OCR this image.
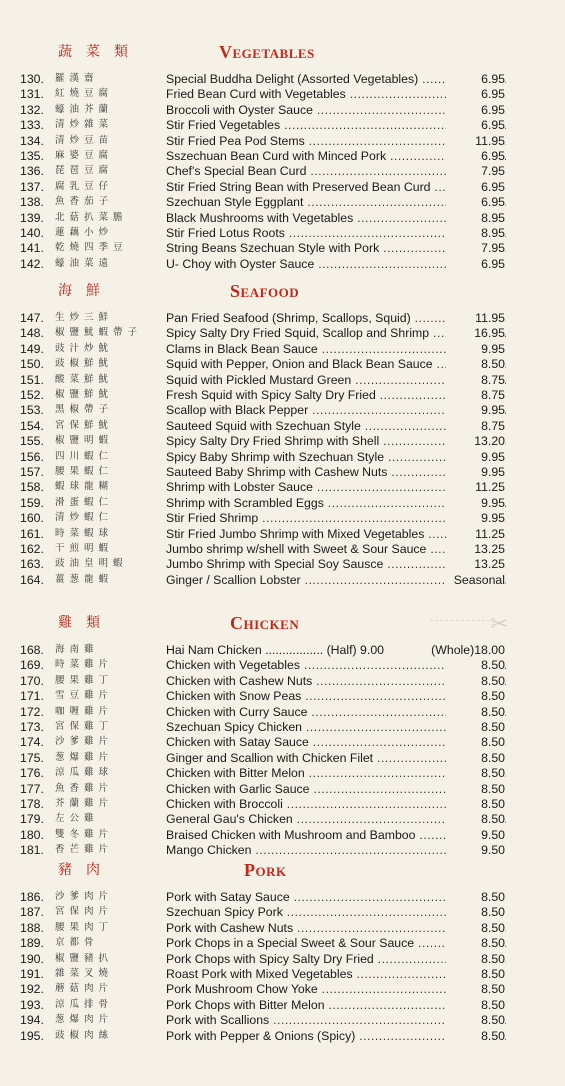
蔬菜類	Vegetables
130.	羅漢齋	Special Buddha Delight (Assorted Vegetables) .....	6.95
131.	紅燒豆腐	Fried Bean Curd with Vegetables .....	6.95
132.	蠔油芥蘭	Broccoli with Oyster Sauce .....	6.95
133.	清炒雜菜	Stir Fried Vegetables .....	6.95
134.	清炒豆苗	Stir Fried Pea Pod Stems .....	11.95
135.	麻婆豆腐	Sszechuan Bean Curd with Minced Pork .....	6.95
136.	琵琶豆腐	Chef's Special Bean Curd .....	7.95
137.	腐乳豆仔	Stir Fried String Bean with Preserved Bean Curd .....	6.95
138.	魚香茄子	Szechuan Style Eggplant .....	6.95
139.	北菇扒菜膽	Black Mushrooms with Vegetables .....	8.95
140.	蓮藕小炒	Stir Fried Lotus Roots .....	8.95
141.	乾燒四季豆	String Beans Szechuan Style with Pork .....	7.95
142.	蠔油菜遠	U- Choy with Oyster Sauce .....	6.95
海鮮	Seafood
147.	生炒三鮮	Pan Fried Seafood (Shrimp, Scallops, Squid) .....	11.95
148.	椒鹽魷蝦帶子	Spicy Salty Dry Fried Squid, Scallop and Shrimp .....	16.95
149.	豉汁炒魷	Clams in Black Bean Sauce .....	9.95
150.	豉椒鮮魷	Squid with Pepper, Onion and Black Bean Sauce .....	8.50
151.	酸菜鮮魷	Squid with Pickled Mustard Green .....	8.75
152.	椒鹽鮮魷	Fresh Squid with Spicy Salty Dry Fried .....	8.75
153.	黑椒帶子	Scallop with Black Pepper .....	9.95
154.	宮保鮮魷	Sauteed Squid with Szechuan Style .....	8.75
155.	椒鹽明蝦	Spicy Salty Dry Fried Shrimp with Shell .....	13.20
156.	四川蝦仁	Spicy Baby Shrimp with Szechuan Style .....	9.95
157.	腰果蝦仁	Sauteed Baby Shrimp with Cashew Nuts .....	9.95
158.	蝦球龍糊	Shrimp with Lobster Sauce .....	11.25
159.	滑蛋蝦仁	Shrimp with Scrambled Eggs .....	9.95
160.	清炒蝦仁	Stir Fried Shrimp .....	9.95
161.	時菜蝦球	Stir Fried Jumbo Shrimp with Mixed Vegetables .....	11.25
162.	干煎明蝦	Jumbo shrimp w/shell with Sweet & Sour Sauce .....	13.25
163.	豉油皇明蝦	Jumbo Shrimp with Special Soy Sausce .....	13.25
164.	薑葱龍蝦	Ginger / Scallion Lobster .....	Seasonal
雞類	Chicken
168.	海南雞	Hai Nam Chicken ................. (Half) 9.00	(Whole)18.00
169.	時菜雞片	Chicken with Vegetables .....	8.50
170.	腰果雞丁	Chicken with Cashew Nuts .....	8.50
171.	雪豆雞片	Chicken with Snow Peas .....	8.50
172.	咖喱雞片	Chicken with Curry Sauce .....	8.50
173.	宮保雞丁	Szechuan Spicy Chicken .....	8.50
174.	沙爹雞片	Chicken with Satay Sauce .....	8.50
175.	葱爆雞片	Ginger and Scallion with Chicken Filet .....	8.50
176.	涼瓜雞球	Chicken with Bitter Melon .....	8.50
177.	魚香雞片	Chicken with Garlic Sauce .....	8.50
178.	芥蘭雞片	Chicken with Broccoli .....	8.50
179.	左公雞	General Gau's Chicken .....	8.50
180.	雙冬雞片	Braised Chicken with Mushroom and Bamboo .....	9.50
181.	香芒雞片	Mango Chicken .....	9.50
豬肉	Pork
186.	沙爹肉片	Pork with Satay Sauce .....	8.50
187.	宮保肉片	Szechuan Spicy Pork .....	8.50
188.	腰果肉丁	Pork with Cashew Nuts .....	8.50
189.	京都骨	Pork Chops in a Special Sweet & Sour Sauce .....	8.50
190.	椒鹽豬扒	Pork Chops with Spicy Salty Dry Fried .....	8.50
191.	雜菜叉燒	Roast Pork with Mixed Vegetables .....	8.50
192.	蘑菇肉片	Pork Mushroom Chow Yoke .....	8.50
193.	涼瓜排骨	Pork Chops with Bitter Melon .....	8.50
194.	葱爆肉片	Pork with Scallions .....	8.50
195.	豉椒肉絲	Pork with Pepper & Onions (Spicy) .....	8.50
✂
